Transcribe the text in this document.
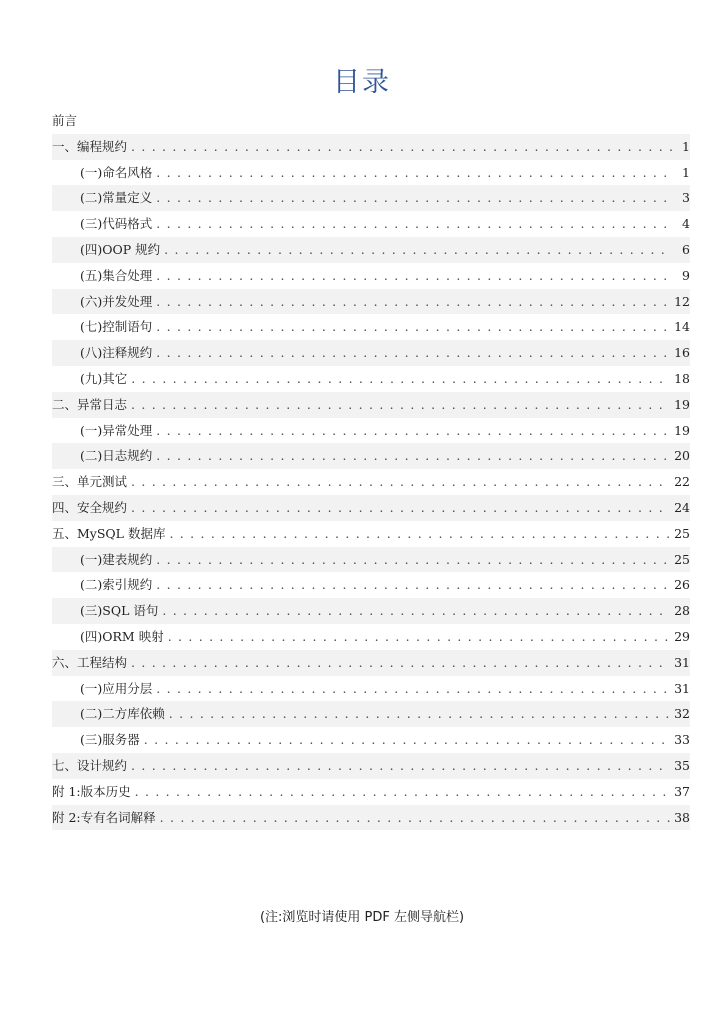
目录
前言
一、编程规约 . . .	1
(一) 命名风格 . . .	1
(二) 常量定义 . . .	3
(三) 代码格式 . . .	4
(四) OOP 规约 . . .	6
(五) 集合处理 . . .	9
(六) 并发处理 . . .	12
(七) 控制语句 . . .	14
(八) 注释规约 . . .	16
(九) 其它 . . .	18
二、异常日志 . . .	19
(一) 异常处理 . . .	19
(二) 日志规约 . . .	20
三、单元测试 . . .	22
四、安全规约 . . .	24
五、MySQL 数据库 . . .	25
(一) 建表规约 . . .	25
(二) 索引规约 . . .	26
(三) SQL 语句 . . .	28
(四) ORM 映射 . . .	29
六、工程结构 . . .	31
(一) 应用分层 . . .	31
(二) 二方库依赖 . . .	32
(三) 服务器 . . .	33
七、设计规约 . . .	35
附 1:版本历史 . . .	37
附 2:专有名词解释 . . .	38
(注:浏览时请使用 PDF 左侧导航栏)
